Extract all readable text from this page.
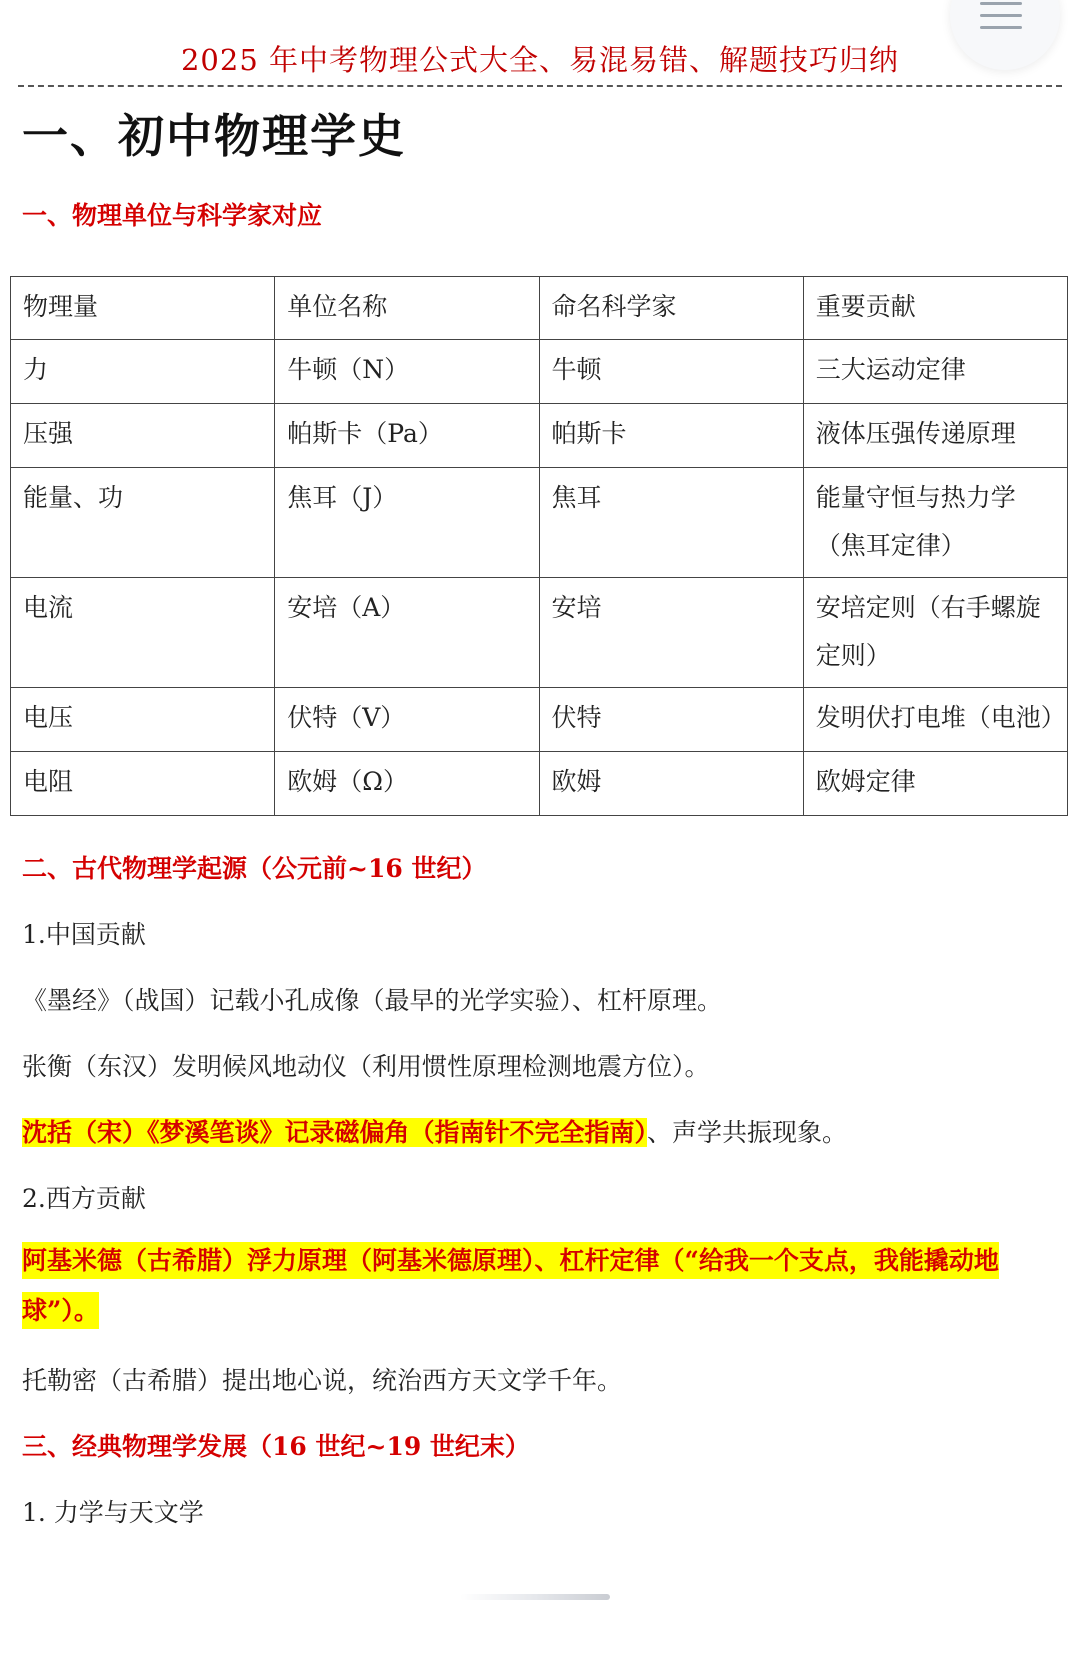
2025 年中考物理公式大全、易混易错、解题技巧归纳
一、初中物理学史
一、物理单位与科学家对应
物理量	单位名称	命名科学家	重要贡献
力	牛顿（N）	牛顿	三大运动定律
压强	帕斯卡（Pa）	帕斯卡	液体压强传递原理
能量、功	焦耳（J）	焦耳	能量守恒与热力学（焦耳定律）
电流	安培（A）	安培	安培定则（右手螺旋定则）
电压	伏特（V）	伏特	发明伏打电堆（电池）
电阻	欧姆（Ω）	欧姆	欧姆定律
二、古代物理学起源（公元前~16 世纪）
1.中国贡献
《墨经》（战国）记载小孔成像（最早的光学实验）、杠杆原理。
张衡（东汉）发明候风地动仪（利用惯性原理检测地震方位）。
沈括（宋）《梦溪笔谈》记录磁偏角（指南针不完全指南）、声学共振现象。
2.西方贡献
阿基米德（古希腊）浮力原理（阿基米德原理）、杠杆定律（“给我一个支点，我能撬动地球”）。
托勒密（古希腊）提出地心说，统治西方天文学千年。
三、经典物理学发展（16 世纪~19 世纪末）
1. 力学与天文学
